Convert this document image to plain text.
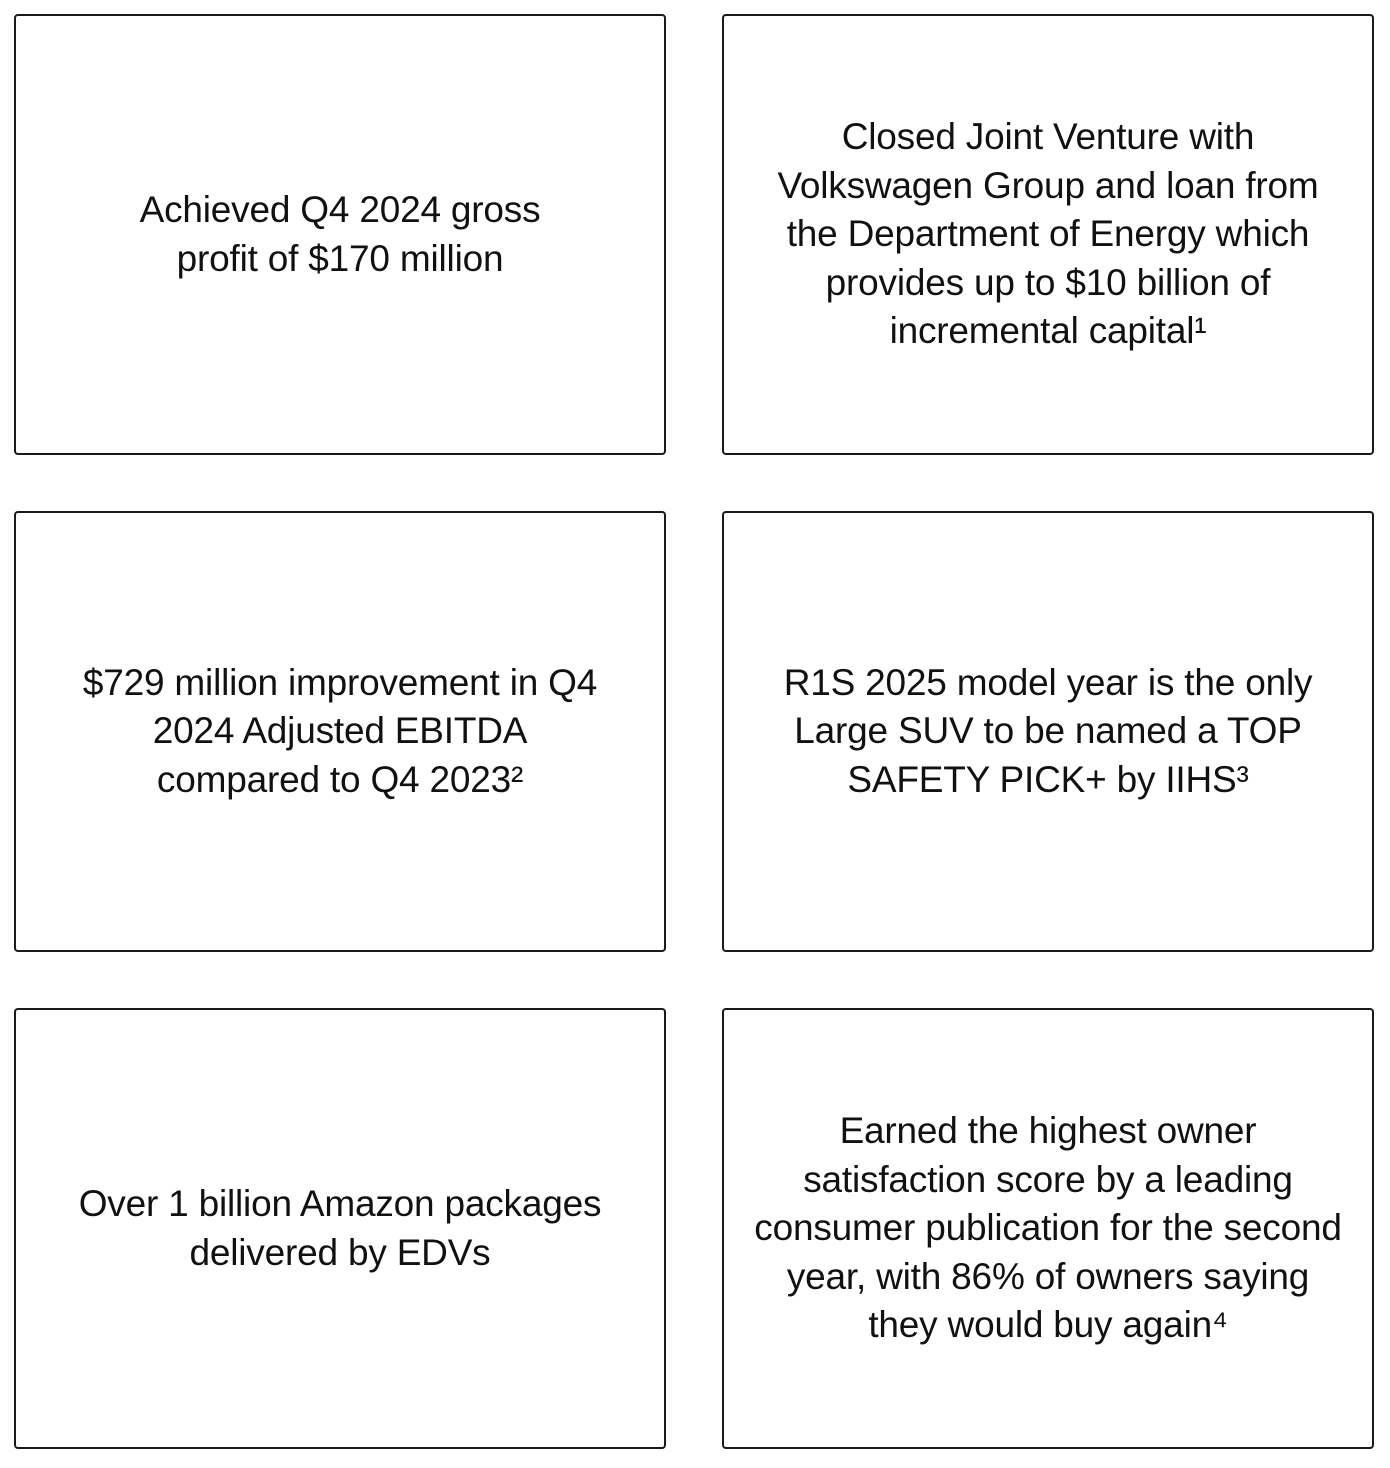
Achieved Q4 2024 gross profit of $170 million

Closed Joint Venture with Volkswagen Group and loan from the Department of Energy which provides up to $10 billion of incremental capital¹

$729 million improvement in Q4 2024 Adjusted EBITDA compared to Q4 2023²

R1S 2025 model year is the only Large SUV to be named a TOP SAFETY PICK+ by IIHS³

Over 1 billion Amazon packages delivered by EDVs

Earned the highest owner satisfaction score by a leading consumer publication for the second year, with 86% of owners saying they would buy again⁴
